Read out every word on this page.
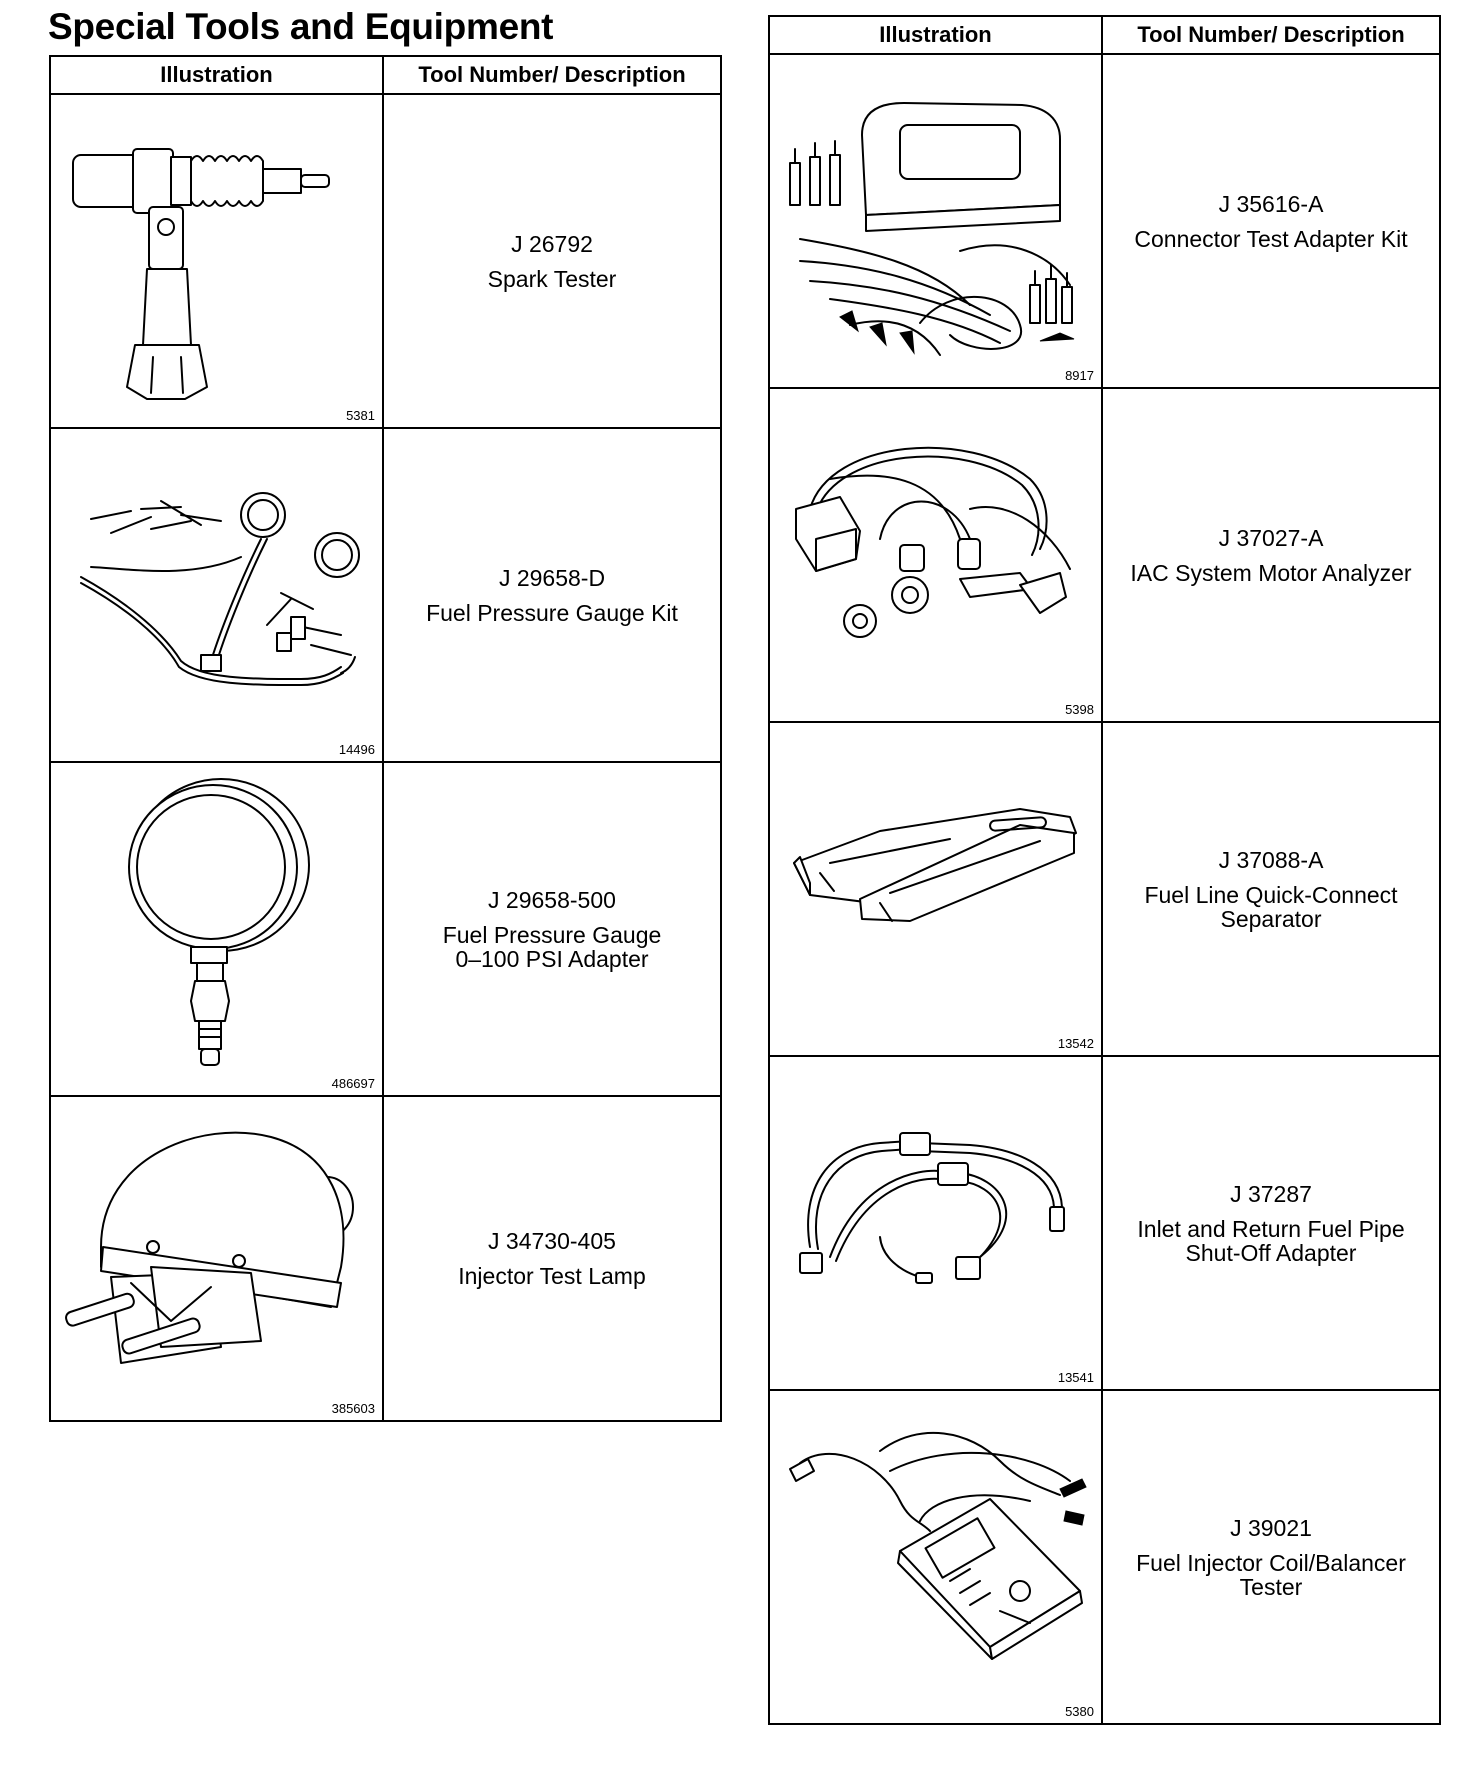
Special Tools and Equipment
Illustration	Tool Number/ Description

5381	J 26792
Spark Tester

14496	J 29658-D
Fuel Pressure Gauge Kit

486697	J 29658-500
Fuel Pressure Gauge
0–100 PSI Adapter

385603	J 34730-405
Injector Test Lamp
Illustration	Tool Number/ Description

8917	J 35616-A
Connector Test Adapter Kit

5398	J 37027-A
IAC System Motor Analyzer

13542	J 37088-A
Fuel Line Quick-Connect
Separator

13541	J 37287
Inlet and Return Fuel Pipe
Shut-Off Adapter

5380	J 39021
Fuel Injector Coil/Balancer
Tester
